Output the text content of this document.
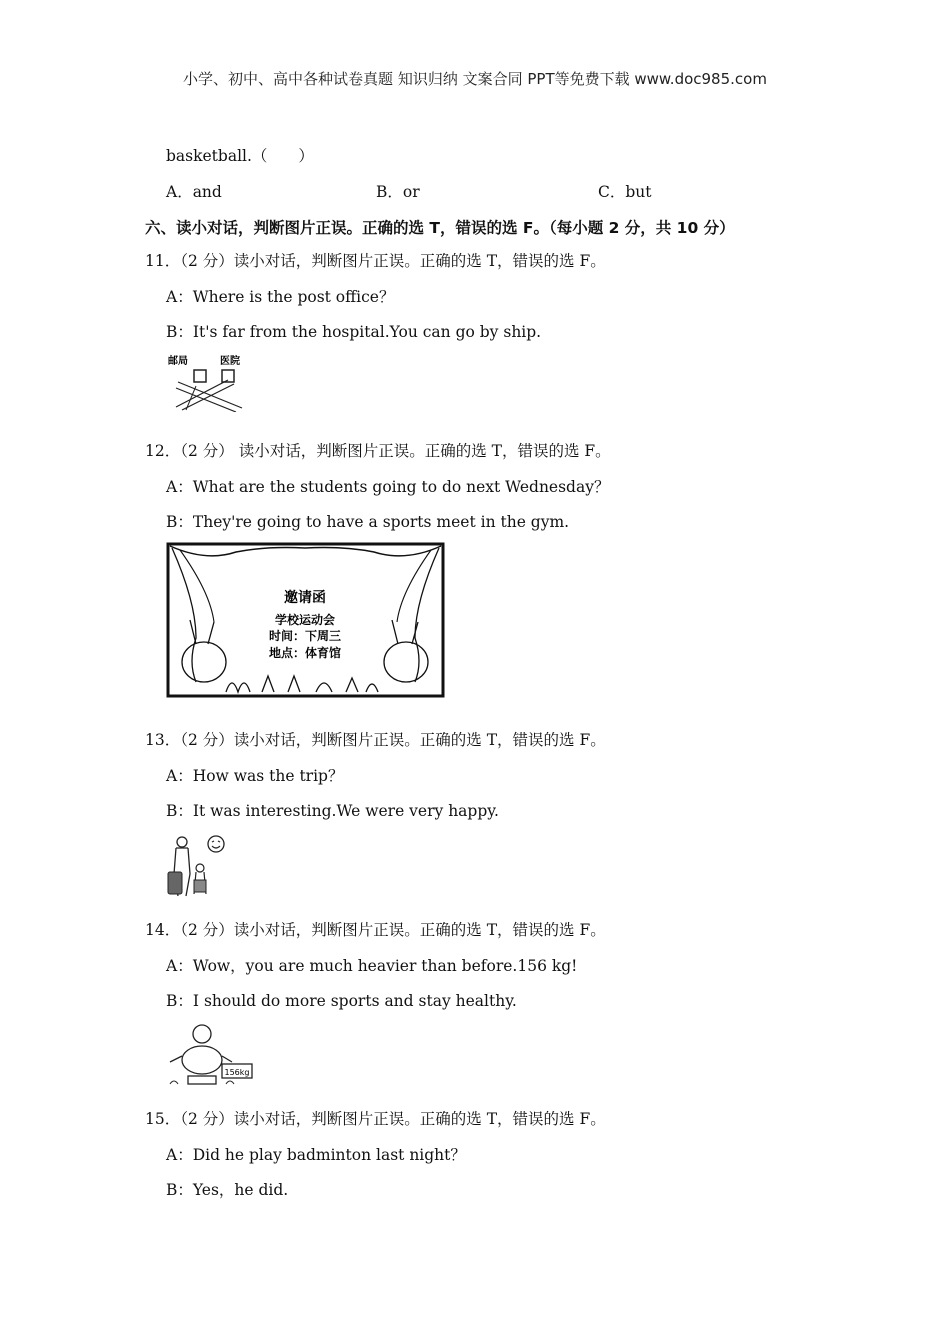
小学、初中、高中各种试卷真题 知识归纳 文案合同 PPT等免费下载 www.doc985.com
basketball.（　　）
A．and	B．or	C．but
六、读小对话，判断图片正误。正确的选 T，错误的选 F。（每小题 2 分，共 10 分）
11．（2 分）读小对话，判断图片正误。正确的选 T，错误的选 F。
A：Where is the post office？
B：It's far from the hospital.You can go by ship.
邮局	医院
12．（2 分） 读小对话，判断图片正误。正确的选 T，错误的选 F。
A：What are the students going to do next Wednesday？
B：They're going to have a sports meet in the gym.
邀请函
学校运动会
时间：下周三
地点：体育馆
13．（2 分）读小对话，判断图片正误。正确的选 T，错误的选 F。
A：How was the trip？
B：It was interesting.We were very happy.
14．（2 分）读小对话，判断图片正误。正确的选 T，错误的选 F。
A：Wow，you are much heavier than before.156 kg!
B：I should do more sports and stay healthy.
156kg
15．（2 分）读小对话，判断图片正误。正确的选 T，错误的选 F。
A：Did he play badminton last night？
B：Yes，he did.
